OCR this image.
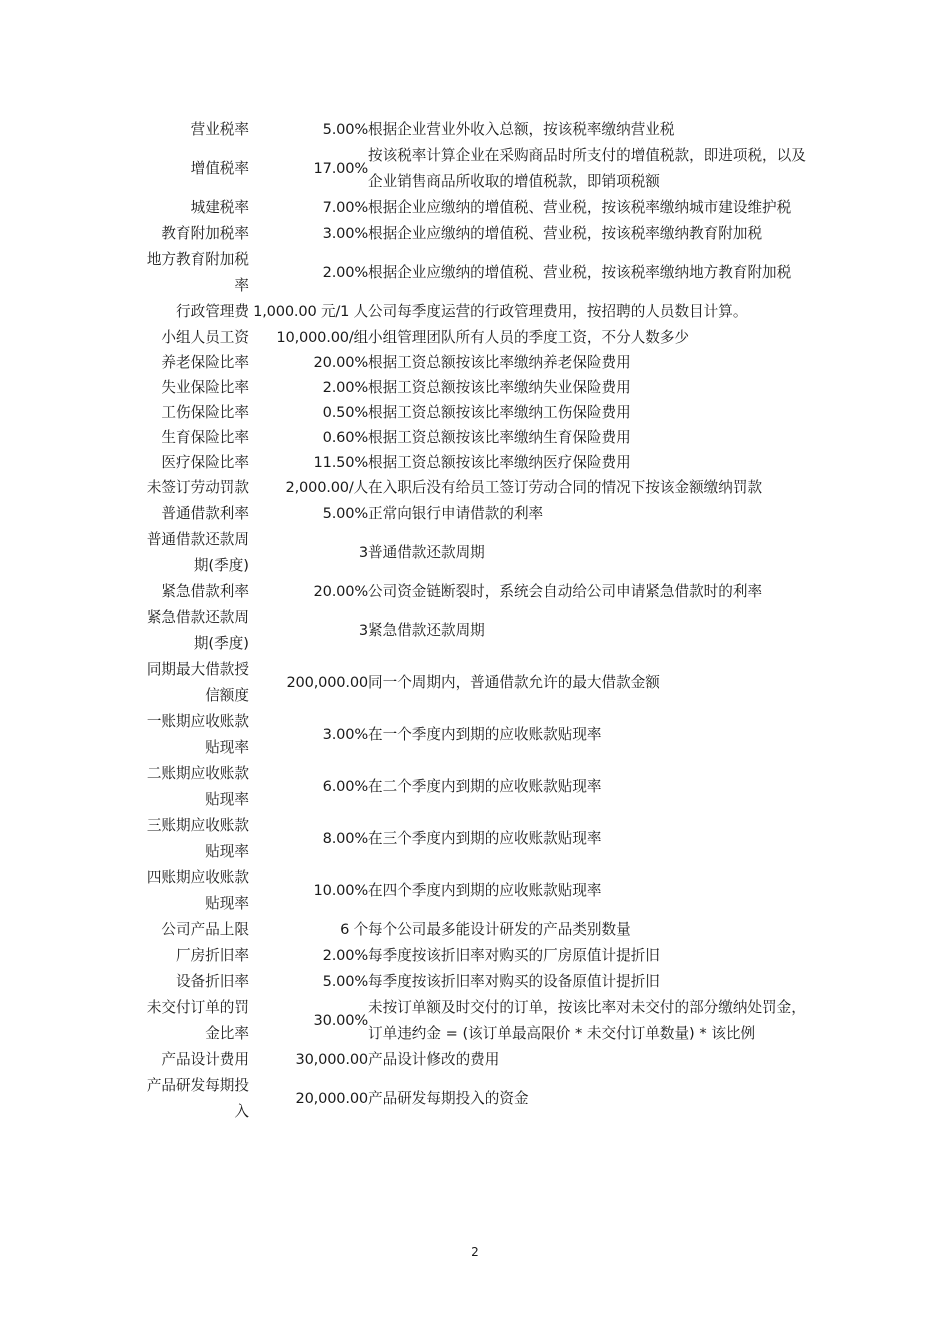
营业税率	5.00%	根据企业营业外收入总额，按该税率缴纳营业税
增值税率	17.00%	按该税率计算企业在采购商品时所支付的增值税款，即进项税，以及企业销售商品所收取的增值税款，即销项税额
城建税率	7.00%	根据企业应缴纳的增值税、营业税，按该税率缴纳城市建设维护税
教育附加税率	3.00%	根据企业应缴纳的增值税、营业税，按该税率缴纳教育附加税
地方教育附加税率	2.00%	根据企业应缴纳的增值税、营业税，按该税率缴纳地方教育附加税
行政管理费	1,000.00 元/1 人	公司每季度运营的行政管理费用，按招聘的人员数目计算。
小组人员工资	10,000.00/组	小组管理团队所有人员的季度工资，不分人数多少
养老保险比率	20.00%	根据工资总额按该比率缴纳养老保险费用
失业保险比率	2.00%	根据工资总额按该比率缴纳失业保险费用
工伤保险比率	0.50%	根据工资总额按该比率缴纳工伤保险费用
生育保险比率	0.60%	根据工资总额按该比率缴纳生育保险费用
医疗保险比率	11.50%	根据工资总额按该比率缴纳医疗保险费用
未签订劳动罚款	2,000.00/人	在入职后没有给员工签订劳动合同的情况下按该金额缴纳罚款
普通借款利率	5.00%	正常向银行申请借款的利率
普通借款还款周期(季度)	3	普通借款还款周期
紧急借款利率	20.00%	公司资金链断裂时，系统会自动给公司申请紧急借款时的利率
紧急借款还款周期(季度)	3	紧急借款还款周期
同期最大借款授信额度	200,000.00	同一个周期内，普通借款允许的最大借款金额
一账期应收账款贴现率	3.00%	在一个季度内到期的应收账款贴现率
二账期应收账款贴现率	6.00%	在二个季度内到期的应收账款贴现率
三账期应收账款贴现率	8.00%	在三个季度内到期的应收账款贴现率
四账期应收账款贴现率	10.00%	在四个季度内到期的应收账款贴现率
公司产品上限	6 个	每个公司最多能设计研发的产品类别数量
厂房折旧率	2.00%	每季度按该折旧率对购买的厂房原值计提折旧
设备折旧率	5.00%	每季度按该折旧率对购买的设备原值计提折旧
未交付订单的罚金比率	30.00%	未按订单额及时交付的订单，按该比率对未交付的部分缴纳处罚金，订单违约金 = (该订单最高限价 * 未交付订单数量) * 该比例
产品设计费用	30,000.00	产品设计修改的费用
产品研发每期投入	20,000.00	产品研发每期投入的资金
2
